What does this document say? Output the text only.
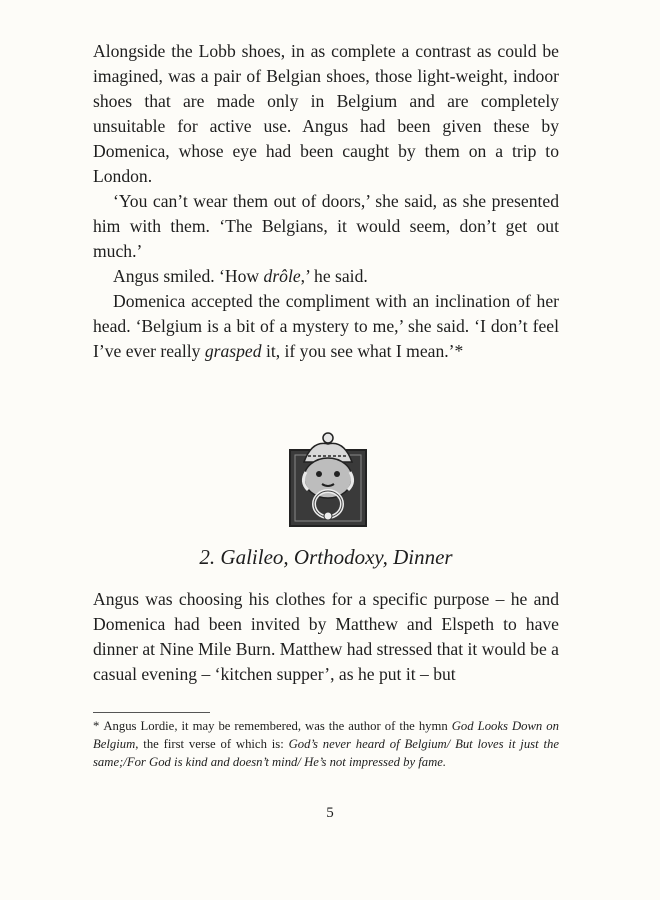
Alongside the Lobb shoes, in as complete a contrast as could be imagined, was a pair of Belgian shoes, those light-weight, indoor shoes that are made only in Belgium and are completely unsuitable for active use. Angus had been given these by Domenica, whose eye had been caught by them on a trip to London.

‘You can’t wear them out of doors,’ she said, as she presented him with them. ‘The Belgians, it would seem, don’t get out much.’

Angus smiled. ‘How drôle,’ he said.

Domenica accepted the compliment with an inclination of her head. ‘Belgium is a bit of a mystery to me,’ she said. ‘I don’t feel I’ve ever really grasped it, if you see what I mean.’*

2. Galileo, Orthodoxy, Dinner

Angus was choosing his clothes for a specific purpose – he and Domenica had been invited by Matthew and Elspeth to have dinner at Nine Mile Burn. Matthew had stressed that it would be a casual evening – ‘kitchen supper’, as he put it – but

* Angus Lordie, it may be remembered, was the author of the hymn God Looks Down on Belgium, the first verse of which is: God’s never heard of Belgium/ But loves it just the same;/For God is kind and doesn’t mind/ He’s not impressed by fame.
5
